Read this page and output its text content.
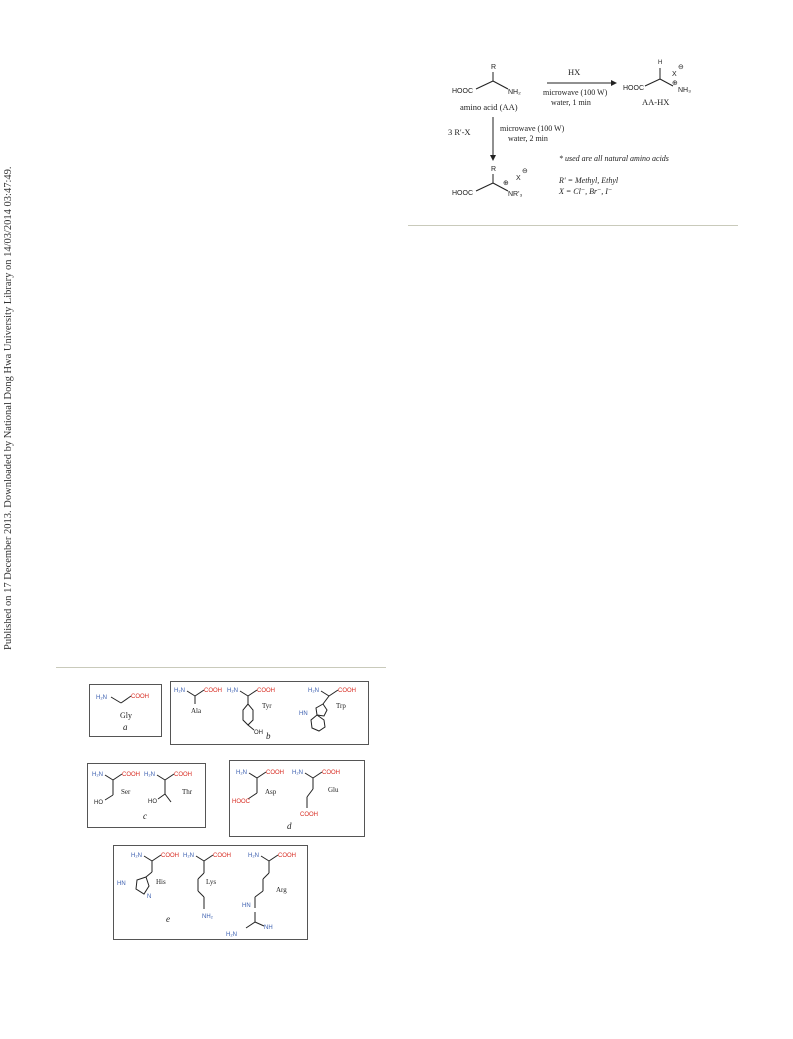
Published on 17 December 2013. Downloaded by National Dong Hwa University Library on 14/03/2014 03:47:49.
R
HOOC	NH₂
amino acid (AA)
HX
microwave (100 W)
water, 1 min
H
HOOC
X
⊖
⊕
NH₃
AA-HX
3 R'-X	microwave (100 W)
water, 2 min
R
HOOC
⊕
NR'₃
X
⊖
* used are all natural amino acids
R' = Methyl, Ethyl
X = Cl⁻, Br⁻, I⁻
H₂N	COOH
Gly
a
H₂N	COOH
Ala
H₂N	COOH
OH
Tyr
H₂N	COOH
HN
Trp
b
H₂N	COOH
HO
Ser
H₂N	COOH
HO
Thr
c
H₂N	COOH
HOOC
Asp
H₂N	COOH
COOH
Glu
d
H₂N	COOH
HN
N
His
H₂N	COOH
NH₂
Lys
H₂N	COOH
HN
H₂N
NH
Arg
e
